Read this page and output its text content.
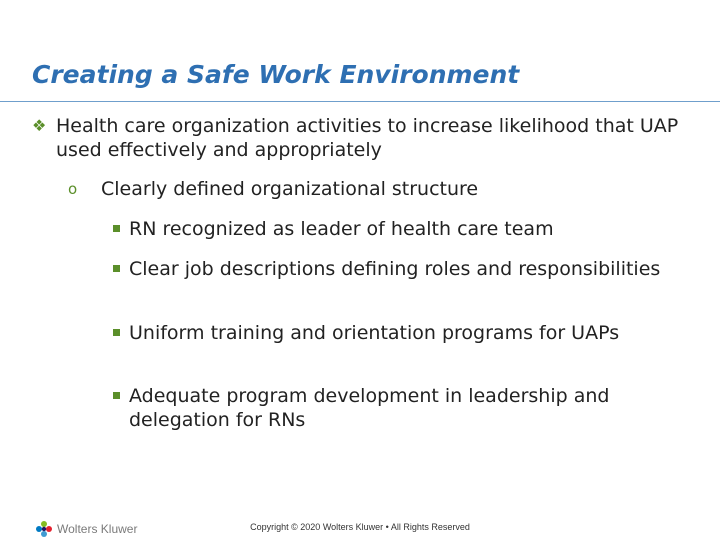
Creating a Safe Work Environment
❖ Health care organization activities to increase likelihood that UAP used effectively and appropriately
o	Clearly defined organizational structure
RN recognized as leader of health care team
Clear job descriptions defining roles and responsibilities
Uniform training and orientation programs for UAPs
Adequate program development in leadership and delegation for RNs
Wolters Kluwer	Copyright © 2020 Wolters Kluwer • All Rights Reserved
